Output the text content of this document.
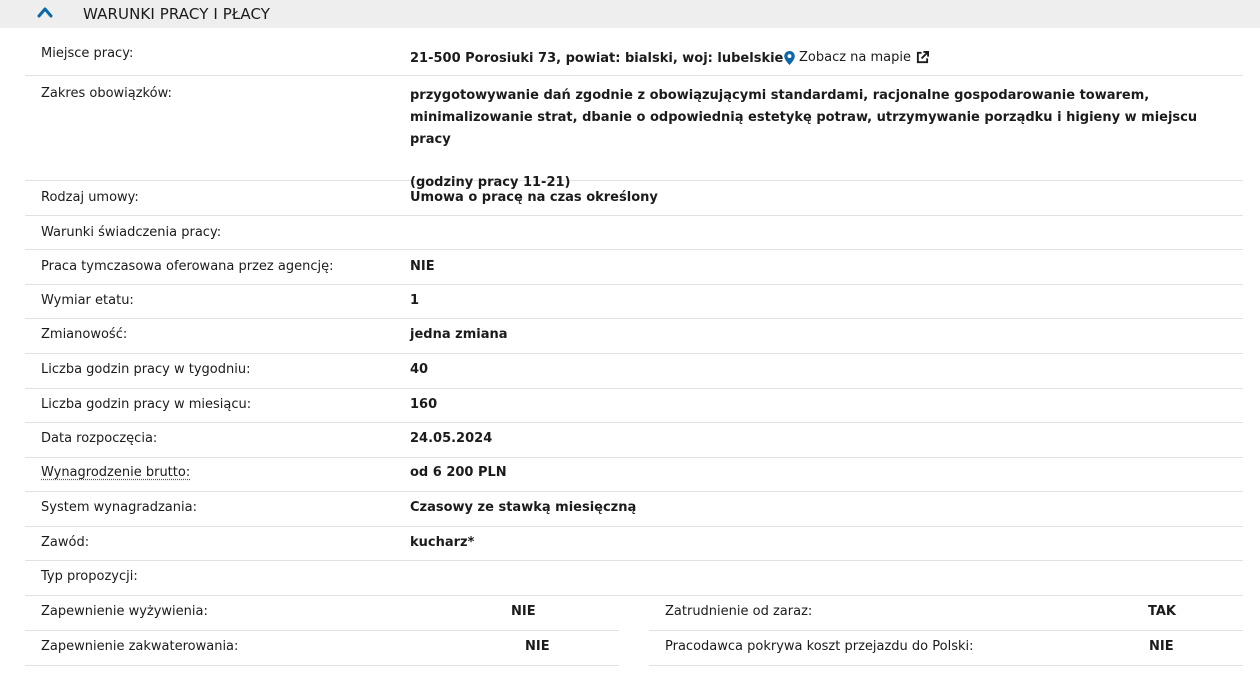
WARUNKI PRACY I PŁACY
Miejsce pracy:	21-500 Porosiuki 73, powiat: bialski, woj: lubelskie Zobacz na mapie
Zakres obowiązków:	przygotowywanie dań zgodnie z obowiązującymi standardami, racjonalne gospodarowanie towarem, minimalizowanie strat, dbanie o odpowiednią estetykę potraw, utrzymywanie porządku i higieny w miejscu pracy

(godziny pracy 11-21)

Rodzaj umowy:	Umowa o pracę na czas określony
Warunki świadczenia pracy:
Praca tymczasowa oferowana przez agencję:	NIE
Wymiar etatu:	1
Zmianowość:	jedna zmiana
Liczba godzin pracy w tygodniu:	40
Liczba godzin pracy w miesiącu:	160
Data rozpoczęcia:	24.05.2024
Wynagrodzenie brutto:	od 6 200 PLN
System wynagradzania:	Czasowy ze stawką miesięczną
Zawód:	kucharz*
Typ propozycji:
Zapewnienie wyżywienia:	NIE
Zapewnienie zakwaterowania:	NIE
Zatrudnienie od zaraz:	TAK
Pracodawca pokrywa koszt przejazdu do Polski:	NIE
